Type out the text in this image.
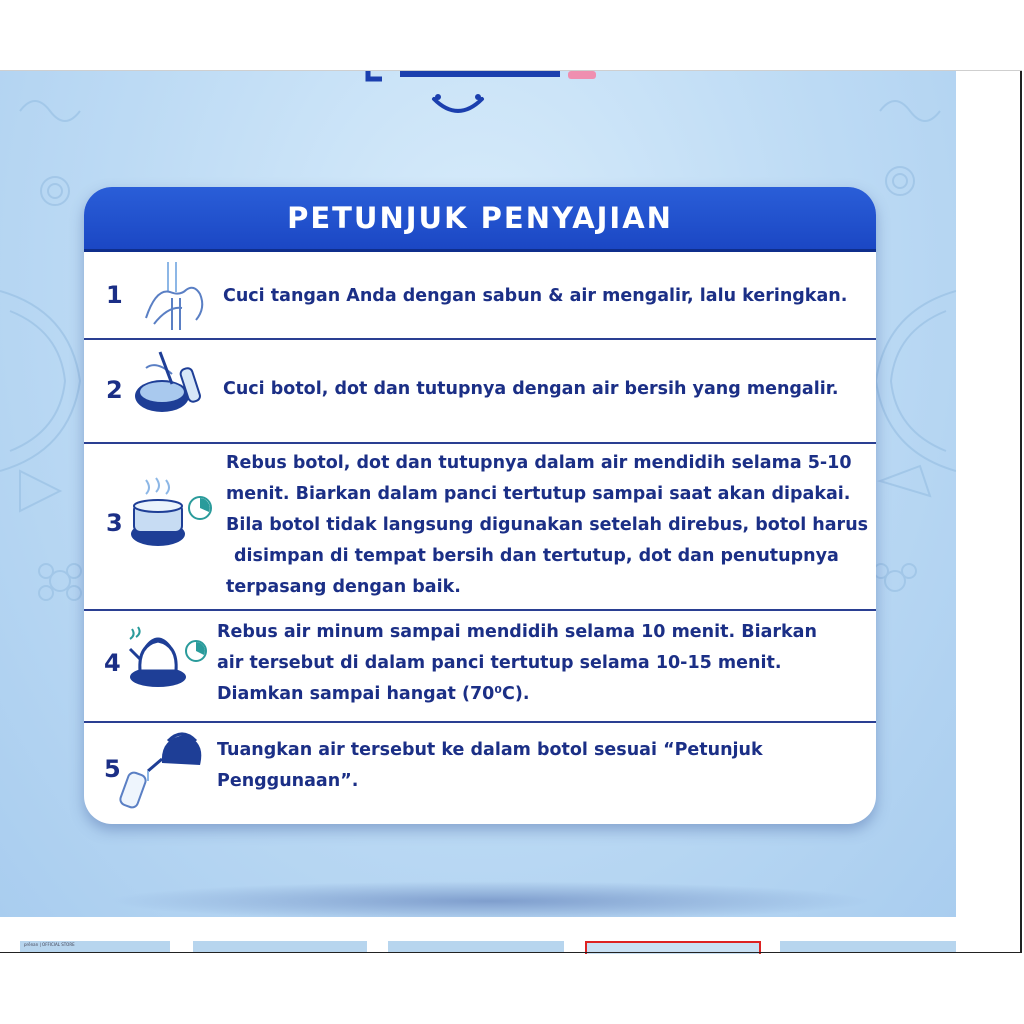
PETUNJUK PENYAJIAN
1	Cuci tangan Anda dengan sabun & air mengalir, lalu keringkan.
2	Cuci botol, dot dan tutupnya dengan air bersih yang mengalir.
3
Rebus botol, dot dan tutupnya dalam air mendidih selama 5-10
menit. Biarkan dalam panci tertutup sampai saat akan dipakai.
Bila botol tidak langsung digunakan setelah direbus, botol harus
disimpan di tempat bersih dan tertutup, dot dan penutupnya
terpasang dengan baik.
4
Rebus air minum sampai mendidih selama 10 menit. Biarkan
air tersebut di dalam panci tertutup selama 10-15 menit.
Diamkan sampai hangat (70⁰C).
5
Tuangkan air tersebut ke dalam botol sesuai “Petunjuk
Penggunaan”.
prēnan | OFFICIAL STORE
